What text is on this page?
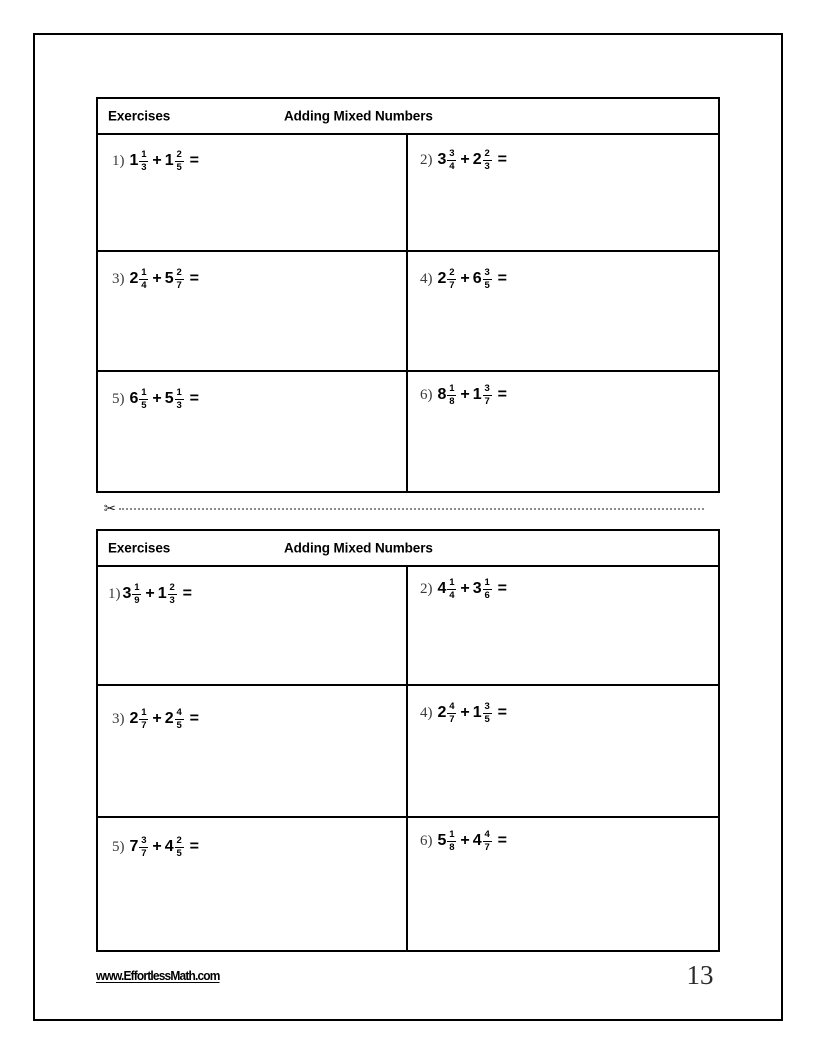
Exercises	Adding Mixed Numbers
1) $1 \frac{1}{3} + 1 \frac{2}{5}$ =	2) $3 \frac{3}{4} + 2 \frac{2}{3}$ =
3) $2 \frac{1}{4} + 5 \frac{2}{7}$ =	4) $2 \frac{2}{7} + 6 \frac{3}{5}$ =
5) $6 \frac{1}{5} + 5 \frac{1}{3}$ =	6) $8 \frac{1}{8} + 1 \frac{3}{7}$ =
✂
Exercises	Adding Mixed Numbers
1) $3 \frac{1}{9} + 1 \frac{2}{3}$ =	2) $4 \frac{1}{4} + 3 \frac{1}{6}$ =
3) $2 \frac{1}{7} + 2 \frac{4}{5}$ =	4) $2 \frac{4}{7} + 1 \frac{3}{5}$ =
5) $7 \frac{3}{7} + 4 \frac{2}{5}$ =	6) $5 \frac{1}{8} + 4 \frac{4}{7}$ =
www.EffortlessMath.com	13
